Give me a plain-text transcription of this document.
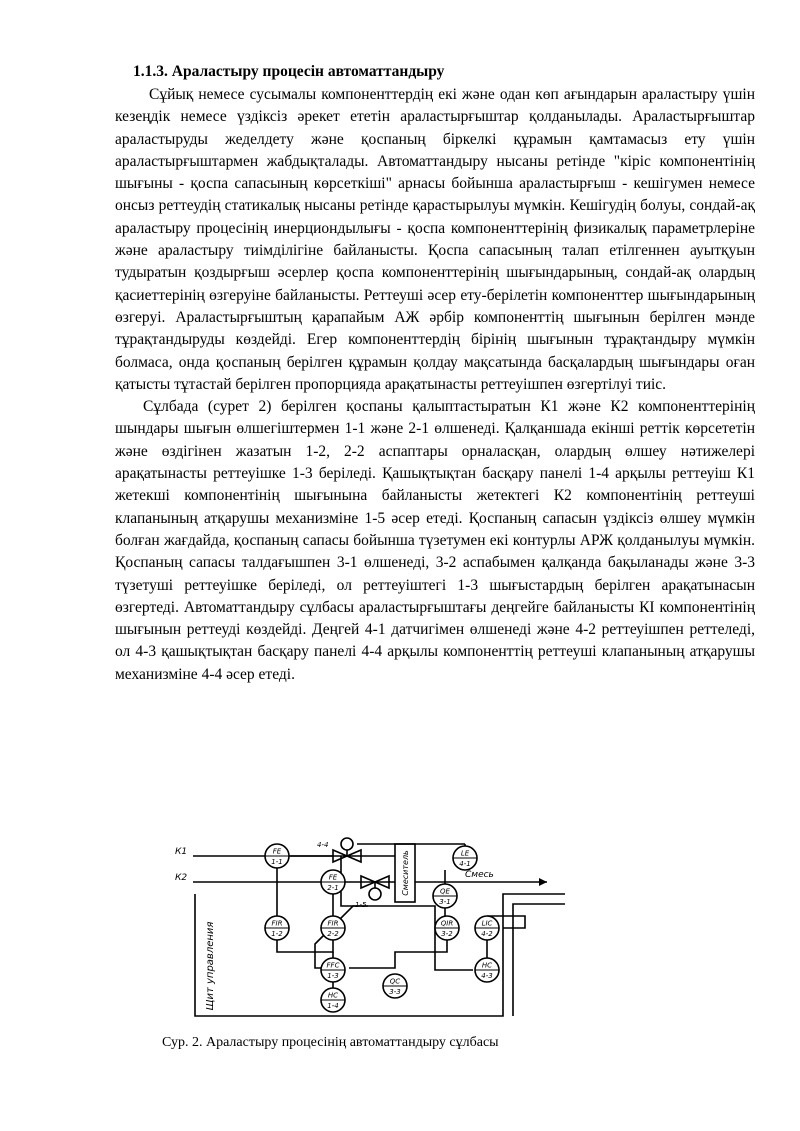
1.1.3. Араластыру процесін автоматтандыру

Сұйық немесе сусымалы компоненттердің екі және одан көп ағындарын араластыру үшін кезеңдік немесе үздіксіз әрекет ететін араластырғыштар қолданылады. Араластырғыштар араластыруды жеделдету және қоспаның біркелкі құрамын қамтамасыз ету үшін араластырғыштармен жабдықталады. Автоматтандыру нысаны ретінде "кіріс компонентінің шығыны - қоспа сапасының көрсеткіші" арнасы бойынша араластырғыш - кешігумен немесе онсыз реттеудің статикалық нысаны ретінде қарастырылуы мүмкін. Кешігудің болуы, сондай-ақ араластыру процесінің инерциондылығы - қоспа компоненттерінің физикалық параметрлеріне және араластыру тиімділігіне байланысты. Қоспа сапасының талап етілгеннен ауытқуын тудыратын қоздырғыш әсерлер қоспа компоненттерінің шығындарының, сондай-ақ олардың қасиеттерінің өзгеруіне байланысты. Реттеуші әсер ету-берілетін компоненттер шығындарының өзгеруі. Араластырғыштың қарапайым АЖ әрбір компоненттің шығынын берілген мәнде тұрақтандыруды көздейді. Егер компоненттердің бірінің шығынын тұрақтандыру мүмкін болмаса, онда қоспаның берілген құрамын қолдау мақсатында басқалардың шығындары оған қатысты тұтастай берілген пропорцияда арақатынасты реттеуішпен өзгертілуі тиіс.

Сұлбада (сурет 2) берілген қоспаны қалыптастыратын К1 және К2 компоненттерінің шындары шығын өлшегіштермен 1-1 және 2-1 өлшенеді. Қалқаншада екінші реттік көрсететін және өздігінен жазатын 1-2, 2-2 аспаптары орналасқан, олардың өлшеу нәтижелері арақатынасты реттеуішке 1-3 беріледі. Қашықтықтан басқару панелі 1-4 арқылы реттеуіш К1 жетекші компонентінің шығынына байланысты жетектегі К2 компонентінің реттеуші клапанының атқарушы механизміне 1-5 әсер етеді. Қоспаның сапасын үздіксіз өлшеу мүмкін болған жағдайда, қоспаның сапасы бойынша түзетумен екі контурлы АРЖ қолданылуы мүмкін. Қоспаның сапасы талдағышпен 3-1 өлшенеді, 3-2 аспабымен қалқанда бақыланады және 3-3 түзетуші реттеуішке беріледі, ол реттеуіштегі 1-3 шығыстардың берілген арақатынасын өзгертеді. Автоматтандыру сұлбасы араластырғыштағы деңгейге байланысты КІ компонентінің шығынын реттеуді көздейді. Деңгей 4-1 датчигімен өлшенеді және 4-2 реттеуішпен реттеледі, ол 4-3 қашықтықтан басқару панелі 4-4 арқылы компоненттің реттеуші клапанының атқарушы механизміне 4-4 әсер етеді.

Смеситель
Щит управления
4-4
1-5
К1
К2	Смесь
FE
1-1
FE
2-1
LE
4-1
QE
3-1
FIR
1-2
FIR
2-2
QIR
3-2
LIC
4-2
FFC
1-3
QC
3-3
HC
4-3
HC
1-4
Сур. 2. Араластыру процесінің автоматтандыру сұлбасы
